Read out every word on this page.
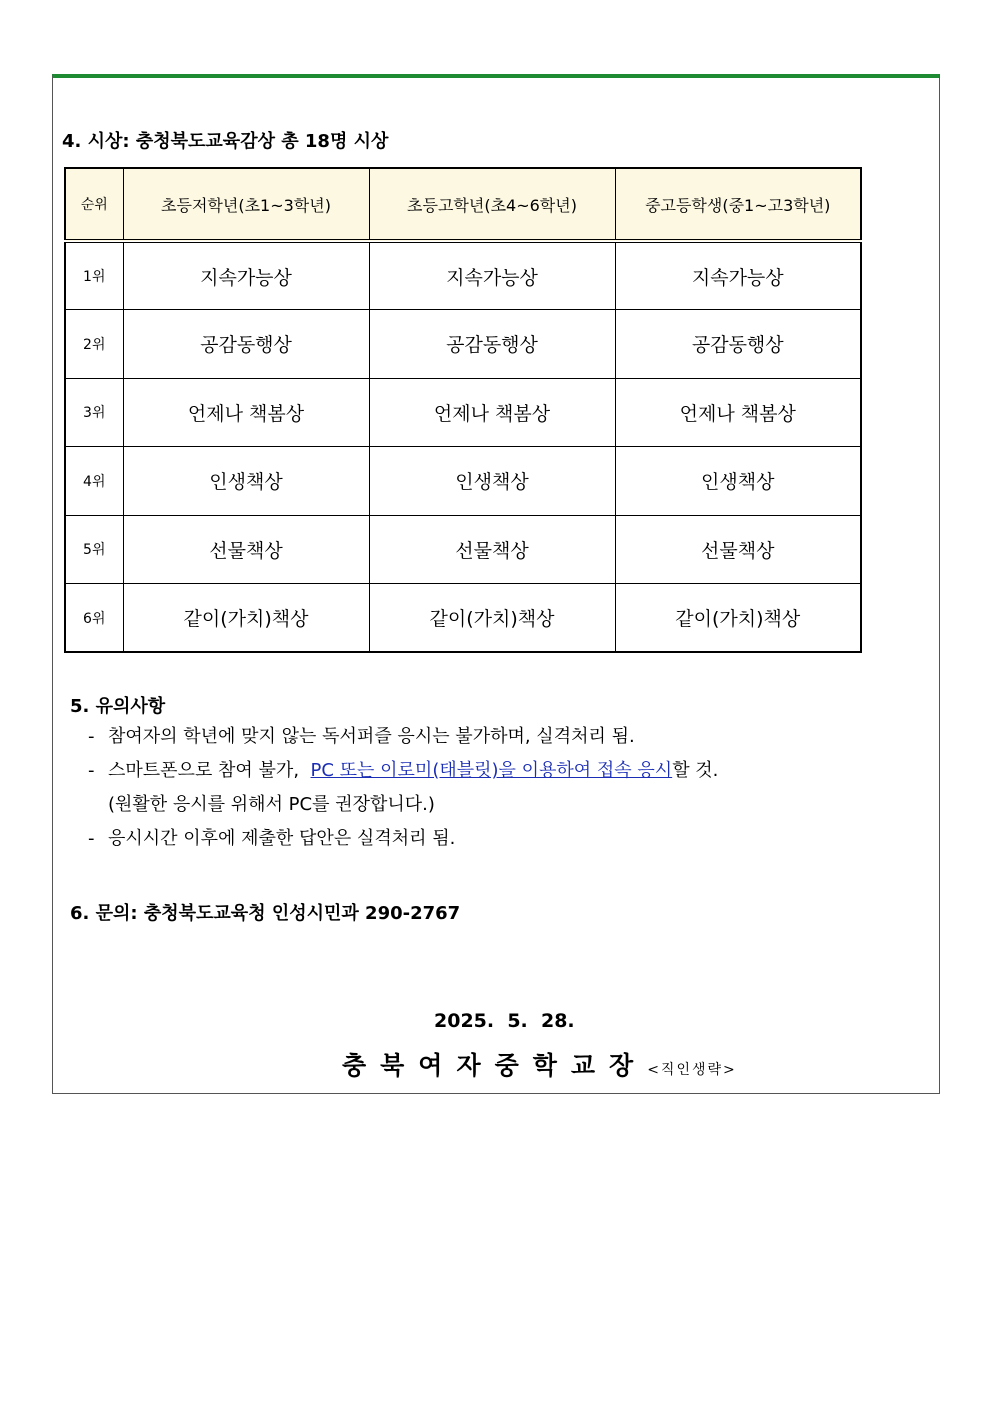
4. 시상: 충청북도교육감상 총 18명 시상
순위	초등저학년(초1~3학년)	초등고학년(초4~6학년)	중고등학생(중1~고3학년)
1위	지속가능상	지속가능상	지속가능상
2위	공감동행상	공감동행상	공감동행상
3위	언제나 책봄상	언제나 책봄상	언제나 책봄상
4위	인생책상	인생책상	인생책상
5위	선물책상	선물책상	선물책상
6위	같이(가치)책상	같이(가치)책상	같이(가치)책상
5. 유의사항
- 참여자의 학년에 맞지 않는 독서퍼즐 응시는 불가하며, 실격처리 됨.
- 스마트폰으로 참여 불가,  PC 또는 이로미(태블릿)을 이용하여 접속 응시할 것.
(원활한 응시를 위해서 PC를 권장합니다.)
- 응시시간 이후에 제출한 답안은 실격처리 됨.
6. 문의: 충청북도교육청 인성시민과 290-2767
2025.  5.  28.
충북여자중학교장<직인생략>
